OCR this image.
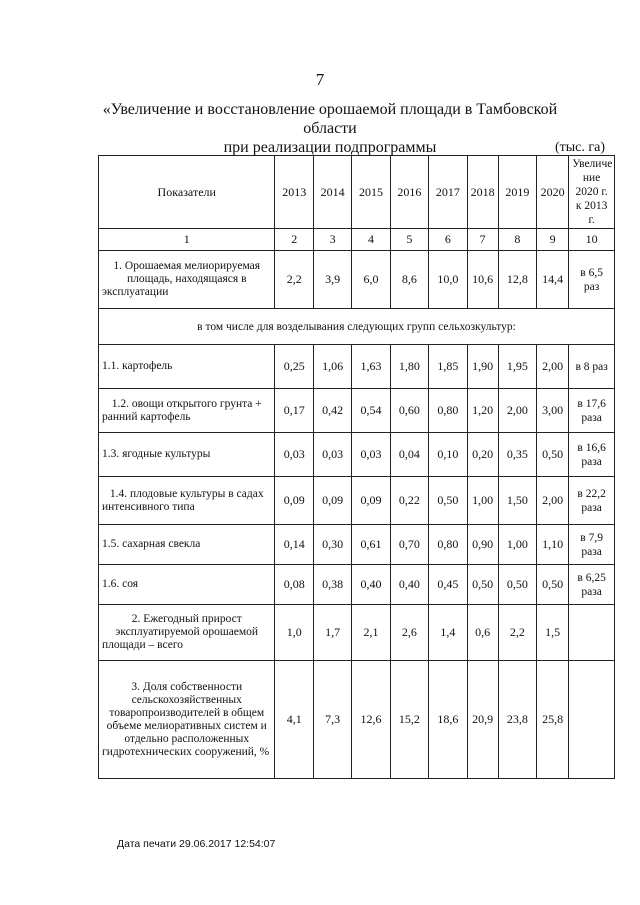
7
«Увеличение и восстановление орошаемой площади в Тамбовской области
при реализации подпрограммы	(тыс. га)
Показатели	2013	2014	2015	2016	2017	2018	2019	2020	Увеличе ние 2020 г. к 2013 г.
1	2	3	4	5	6	7	8	9	10
1. Орошаемая мелиорируемая площадь, находящаяся в эксплуатации	2,2	3,9	6,0	8,6	10,0	10,6	12,8	14,4	в 6,5 раз
в том числе для возделывания следующих групп сельхозкультур:									
1.1. картофель	0,25	1,06	1,63	1,80	1,85	1,90	1,95	2,00	в 8 раз
1.2. овощи открытого грунта + ранний картофель	0,17	0,42	0,54	0,60	0,80	1,20	2,00	3,00	в 17,6 раза
1.3. ягодные культуры	0,03	0,03	0,03	0,04	0,10	0,20	0,35	0,50	в 16,6 раза
1.4. плодовые культуры в садах интенсивного типа	0,09	0,09	0,09	0,22	0,50	1,00	1,50	2,00	в 22,2 раза
1.5. сахарная свекла	0,14	0,30	0,61	0,70	0,80	0,90	1,00	1,10	в 7,9 раза
1.6. соя	0,08	0,38	0,40	0,40	0,45	0,50	0,50	0,50	в 6,25 раза
2. Ежегодный прирост эксплуатируемой орошаемой площади – всего	1,0	1,7	2,1	2,6	1,4	0,6	2,2	1,5	
3. Доля собственности сельскохозяйственных товаропроизводителей в общем объеме мелиоративных систем и отдельно расположенных гидротехнических сооружений, %	4,1	7,3	12,6	15,2	18,6	20,9	23,8	25,8	
Дата печати 29.06.2017 12:54:07
